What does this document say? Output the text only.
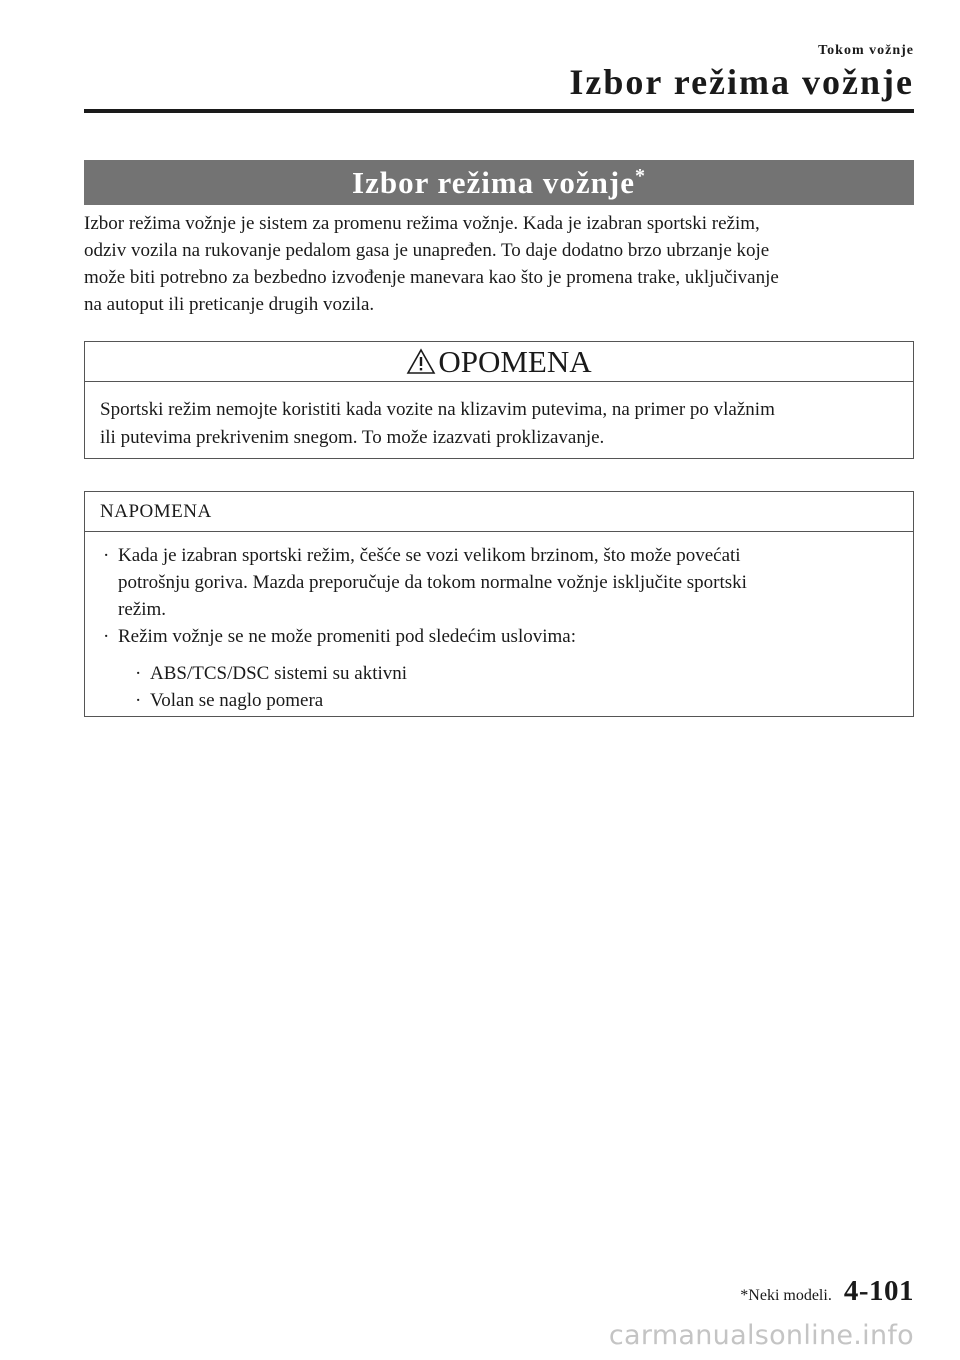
Tokom vožnje
Izbor režima vožnje
Izbor režima vožnje*

Izbor režima vožnje je sistem za promenu režima vožnje. Kada je izabran sportski režim,

odziv vozila na rukovanje pedalom gasa je unapređen. To daje dodatno brzo ubrzanje koje

može biti potrebno za bezbedno izvođenje manevara kao što je promena trake, uključivanje

na autoput ili preticanje drugih vozila.

OPOMENA
Sportski režim nemojte koristiti kada vozite na klizavim putevima, na primer po vlažnim
ili putevima prekrivenim snegom. To može izazvati proklizavanje.
NAPOMENA
· Kada je izabran sportski režim, češće se vozi velikom brzinom, što može povećati
potrošnju goriva. Mazda preporučuje da tokom normalne vožnje isključite sportski
režim.
· Režim vožnje se ne može promeniti pod sledećim uslovima:
· ABS/TCS/DSC sistemi su aktivni
· Volan se naglo pomera
*Neki modeli. 4-101
carmanualsonline.info
